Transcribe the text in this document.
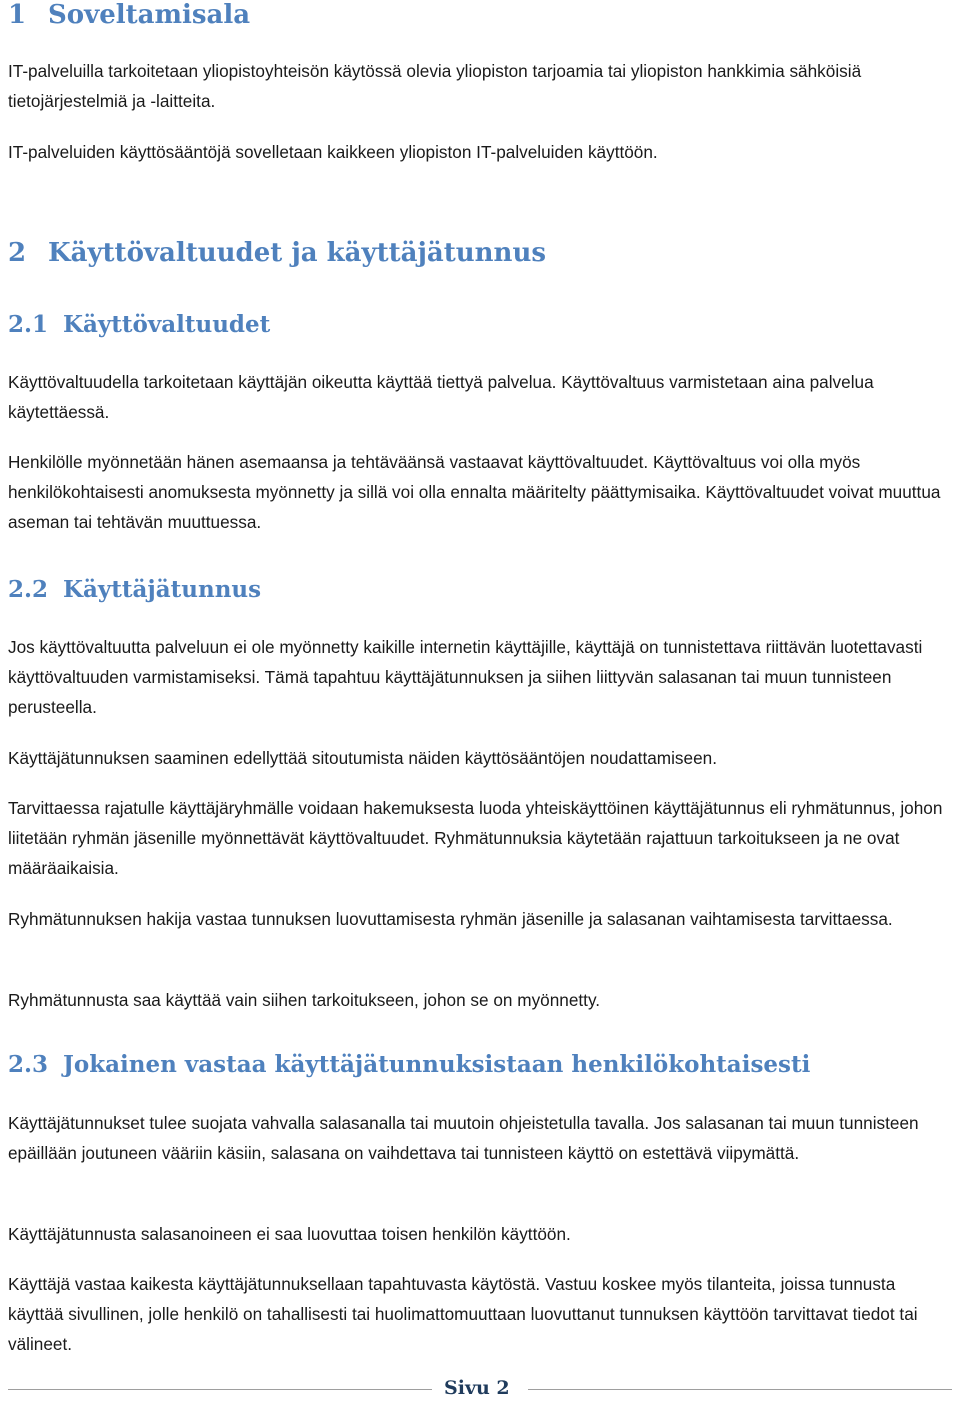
1 Soveltamisala

IT-palveluilla tarkoitetaan yliopistoyhteisön käytössä olevia yliopiston tarjoamia tai yliopiston hankkimia sähköisiä tietojärjestelmiä ja -laitteita.

IT-palveluiden käyttösääntöjä sovelletaan kaikkeen yliopiston IT-palveluiden käyttöön.

2 Käyttövaltuudet ja käyttäjätunnus
2.1 Käyttövaltuudet

Käyttövaltuudella tarkoitetaan käyttäjän oikeutta käyttää tiettyä palvelua. Käyttövaltuus varmistetaan aina palvelua käytettäessä.

Henkilölle myönnetään hänen asemaansa ja tehtäväänsä vastaavat käyttövaltuudet. Käyttövaltuus voi olla myös henkilökohtaisesti anomuksesta myönnetty ja sillä voi olla ennalta määritelty päättymisaika. Käyttövaltuudet voivat muuttua aseman tai tehtävän muuttuessa.

2.2 Käyttäjätunnus

Jos käyttövaltuutta palveluun ei ole myönnetty kaikille internetin käyttäjille, käyttäjä on tunnistettava riittävän luotettavasti käyttövaltuuden varmistamiseksi. Tämä tapahtuu käyttäjätunnuksen ja siihen liittyvän salasanan tai muun tunnisteen perusteella.

Käyttäjätunnuksen saaminen edellyttää sitoutumista näiden käyttösääntöjen noudattamiseen.

Tarvittaessa rajatulle käyttäjäryhmälle voidaan hakemuksesta luoda yhteiskäyttöinen käyttäjätunnus eli ryhmätunnus, johon liitetään ryhmän jäsenille myönnettävät käyttövaltuudet. Ryhmätunnuksia käytetään rajattuun tarkoitukseen ja ne ovat määräaikaisia.

Ryhmätunnuksen hakija vastaa tunnuksen luovuttamisesta ryhmän jäsenille ja salasanan vaihtamisesta tarvittaessa.

Ryhmätunnusta saa käyttää vain siihen tarkoitukseen, johon se on myönnetty.

2.3 Jokainen vastaa käyttäjätunnuksistaan henkilökohtaisesti

Käyttäjätunnukset tulee suojata vahvalla salasanalla tai muutoin ohjeistetulla tavalla. Jos salasanan tai muun tunnisteen epäillään joutuneen vääriin käsiin, salasana on vaihdettava tai tunnisteen käyttö on estettävä viipymättä.

Käyttäjätunnusta salasanoineen ei saa luovuttaa toisen henkilön käyttöön.

Käyttäjä vastaa kaikesta käyttäjätunnuksellaan tapahtuvasta käytöstä. Vastuu koskee myös tilanteita, joissa tunnusta käyttää sivullinen, jolle henkilö on tahallisesti tai huolimattomuuttaan luovuttanut tunnuksen käyttöön tarvittavat tiedot tai välineet.

Sivu 2
